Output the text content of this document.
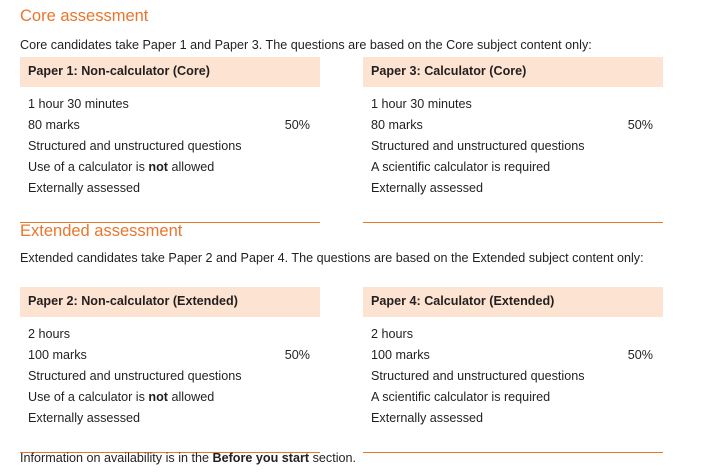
Core assessment

Core candidates take Paper 1 and Paper 3. The questions are based on the Core subject content only:

Paper 1: Non-calculator (Core)
1 hour 30 minutes
80 marks
Structured and unstructured questions
Use of a calculator is not allowed
Externally assessed
50%
Paper 3: Calculator (Core)
1 hour 30 minutes
80 marks
Structured and unstructured questions
A scientific calculator is required
Externally assessed
50%
Extended assessment

Extended candidates take Paper 2 and Paper 4. The questions are based on the Extended subject content only:

Paper 2: Non-calculator (Extended)
2 hours
100 marks
Structured and unstructured questions
Use of a calculator is not allowed
Externally assessed
50%
Paper 4: Calculator (Extended)
2 hours
100 marks
Structured and unstructured questions
A scientific calculator is required
Externally assessed
50%
Information on availability is in the Before you start section.
